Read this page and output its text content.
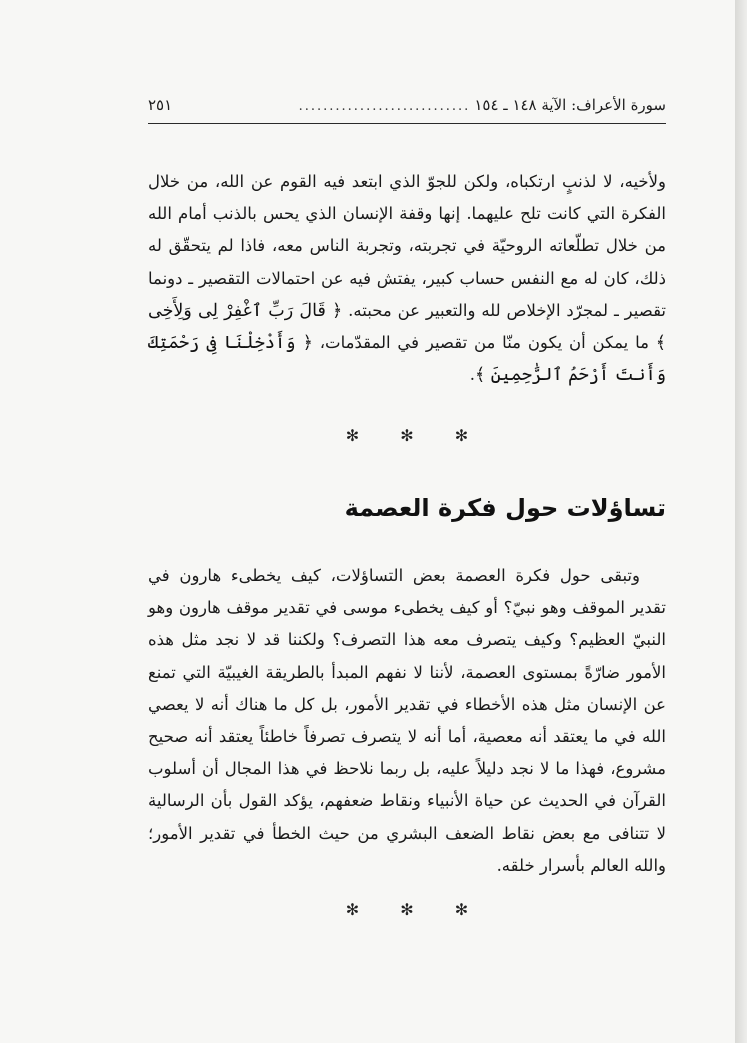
سورة الأعراف: الآية ١٤٨ ـ ١٥٤
............................
٢٥١

ولأخيه، لا لذنبٍ ارتكباه، ولكن للجوّ الذي ابتعد فيه القوم عن الله، من خلال الفكرة التي كانت تلح عليهما. إنها وقفة الإنسان الذي يحس بالذنب أمام الله من خلال تطلّعاته الروحيّة في تجربته، وتجربة الناس معه، فاذا لم يتحقّق له ذلك، كان له مع النفس حساب كبير، يفتش فيه عن احتمالات التقصير ـ دونما تقصير ـ لمجرّد الإخلاص لله والتعبير عن محبته. ﴿ قَالَ رَبِّ ٱغْفِرْ لِى وَلِأَخِى ﴾ ما يمكن أن يكون منّا من تقصير في المقدّمات، ﴿ وَأَدْخِلْنَا فِى رَحْمَتِكَ وَأَنتَ أَرْحَمُ ٱلرَّٰحِمِينَ ﴾.

✻ ✻ ✻
تساؤلات حول فكرة العصمة

وتبقى حول فكرة العصمة بعض التساؤلات، كيف يخطىء هارون في تقدير الموقف وهو نبيّ؟ أو كيف يخطىء موسى في تقدير موقف هارون وهو النبيّ العظيم؟ وكيف يتصرف معه هذا التصرف؟ ولكننا قد لا نجد مثل هذه الأمور ضارّةً بمستوى العصمة، لأننا لا نفهم المبدأ بالطريقة الغيبيّة التي تمنع عن الإنسان مثل هذه الأخطاء في تقدير الأمور، بل كل ما هناك أنه لا يعصي الله في ما يعتقد أنه معصية، أما أنه لا يتصرف تصرفاً خاطئاً يعتقد أنه صحيح مشروع، فهذا ما لا نجد دليلاً عليه، بل ربما نلاحظ في هذا المجال أن أسلوب القرآن في الحديث عن حياة الأنبياء ونقاط ضعفهم، يؤكد القول بأن الرسالية لا تتنافى مع بعض نقاط الضعف البشري من حيث الخطأ في تقدير الأمور؛ والله العالم بأسرار خلقه.

✻ ✻ ✻
